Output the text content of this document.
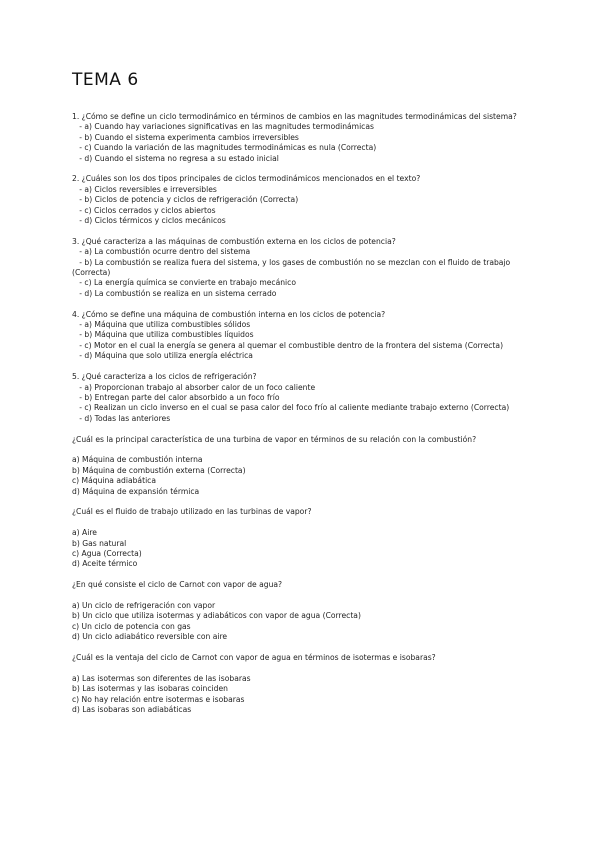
TEMA 6
1. ¿Cómo se define un ciclo termodinámico en términos de cambios en las magnitudes termodinámicas del sistema?
- a) Cuando hay variaciones significativas en las magnitudes termodinámicas
- b) Cuando el sistema experimenta cambios irreversibles
- c) Cuando la variación de las magnitudes termodinámicas es nula (Correcta)
- d) Cuando el sistema no regresa a su estado inicial
2. ¿Cuáles son los dos tipos principales de ciclos termodinámicos mencionados en el texto?
- a) Ciclos reversibles e irreversibles
- b) Ciclos de potencia y ciclos de refrigeración (Correcta)
- c) Ciclos cerrados y ciclos abiertos
- d) Ciclos térmicos y ciclos mecánicos
3. ¿Qué caracteriza a las máquinas de combustión externa en los ciclos de potencia?
- a) La combustión ocurre dentro del sistema
- b) La combustión se realiza fuera del sistema, y los gases de combustión no se mezclan con el fluido de trabajo (Correcta)
- c) La energía química se convierte en trabajo mecánico
- d) La combustión se realiza en un sistema cerrado
4. ¿Cómo se define una máquina de combustión interna en los ciclos de potencia?
- a) Máquina que utiliza combustibles sólidos
- b) Máquina que utiliza combustibles líquidos
- c) Motor en el cual la energía se genera al quemar el combustible dentro de la frontera del sistema (Correcta)
- d) Máquina que solo utiliza energía eléctrica
5. ¿Qué caracteriza a los ciclos de refrigeración?
- a) Proporcionan trabajo al absorber calor de un foco caliente
- b) Entregan parte del calor absorbido a un foco frío
- c) Realizan un ciclo inverso en el cual se pasa calor del foco frío al caliente mediante trabajo externo (Correcta)
- d) Todas las anteriores
¿Cuál es la principal característica de una turbina de vapor en términos de su relación con la combustión?
a) Máquina de combustión interna
b) Máquina de combustión externa (Correcta)
c) Máquina adiabática
d) Máquina de expansión térmica
¿Cuál es el fluido de trabajo utilizado en las turbinas de vapor?
a) Aire
b) Gas natural
c) Agua (Correcta)
d) Aceite térmico
¿En qué consiste el ciclo de Carnot con vapor de agua?
a) Un ciclo de refrigeración con vapor
b) Un ciclo que utiliza isotermas y adiabáticos con vapor de agua (Correcta)
c) Un ciclo de potencia con gas
d) Un ciclo adiabático reversible con aire
¿Cuál es la ventaja del ciclo de Carnot con vapor de agua en términos de isotermas e isobaras?
a) Las isotermas son diferentes de las isobaras
b) Las isotermas y las isobaras coinciden
c) No hay relación entre isotermas e isobaras
d) Las isobaras son adiabáticas
